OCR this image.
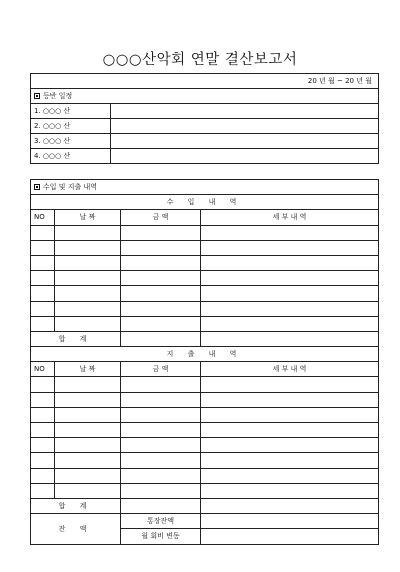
○○○산악회 연말 결산보고서
20 년 월 ~ 20 년 월	
등반 일정	
1. ○○○ 산	
2. ○○○ 산	
3. ○○○ 산	
4. ○○○ 산	
수입 및 지출 내역			
수 입 내 역			
NO	날 짜	금 액	세 부 내 역

합 계			
지 출 내 역			
NO	날 짜	금 액	세 부 내 역

합 계			
잔 액		통장잔액	
		월 회비 변동	
